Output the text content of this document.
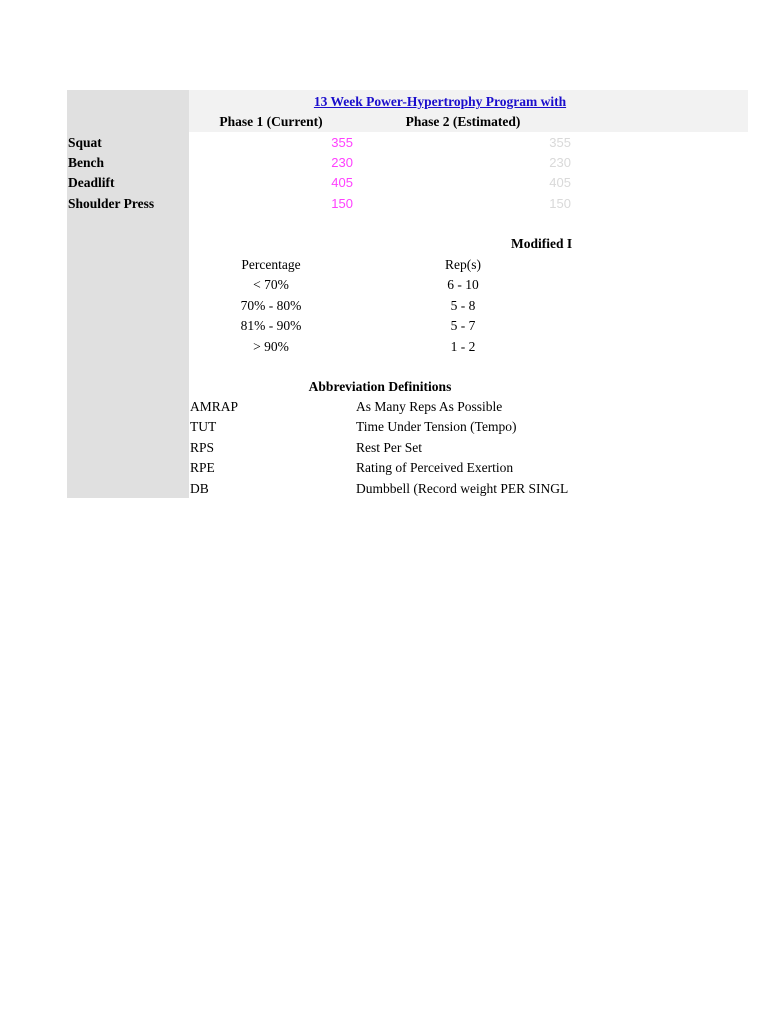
13 Week Power-Hypertrophy Program with
Phase 1 (Current)	Phase 2 (Estimated)
Squat	355	355
Bench	230	230
Deadlift	405	405
Shoulder Press	150	150
Modified I
Percentage	Rep(s)
< 70%	6 - 10
70% - 80%	5 - 8
81% - 90%	5 - 7
> 90%	1 - 2
Abbreviation Definitions
AMRAP	As Many Reps As Possible
TUT	Time Under Tension (Tempo)
RPS	Rest Per Set
RPE	Rating of Perceived Exertion
DB	Dumbbell (Record weight PER SINGL
